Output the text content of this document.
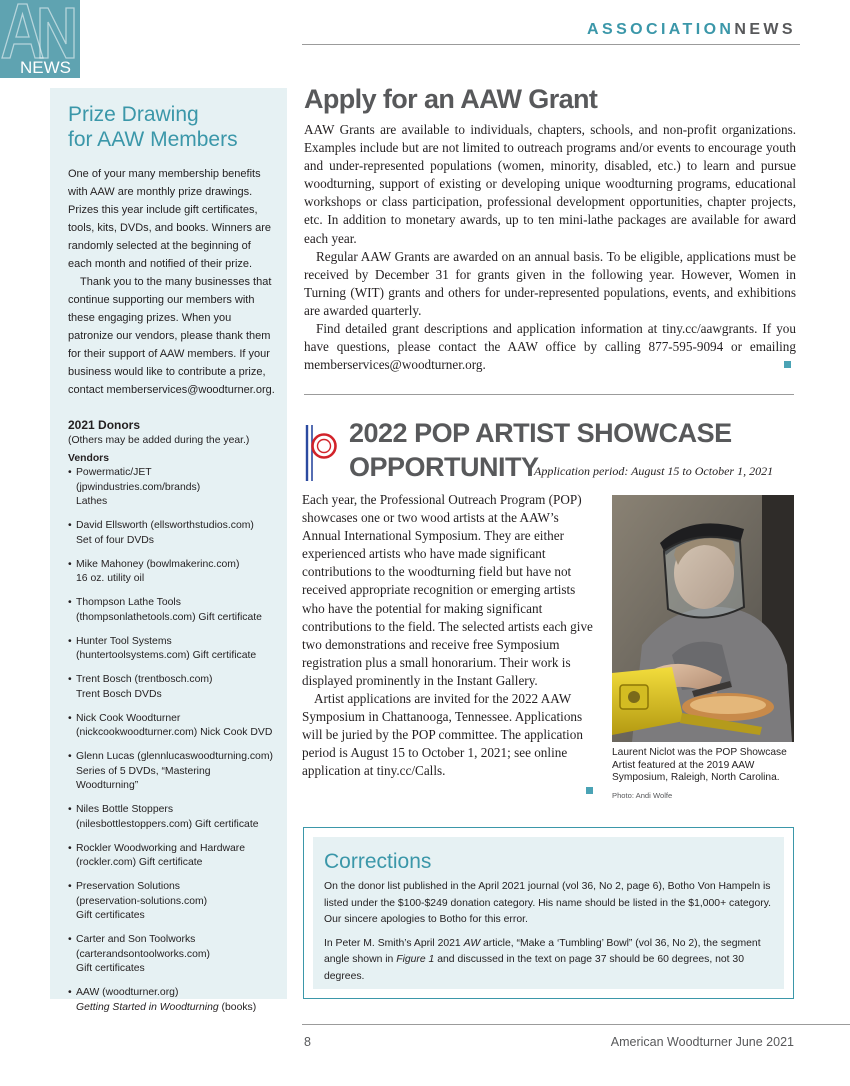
NEWS
ASSOCIATIONNEWS
Prize Drawing
for AAW Members

One of your many membership benefits with AAW are monthly prize drawings. Prizes this year include gift certificates, tools, kits, DVDs, and books. Winners are randomly selected at the beginning of each month and notified of their prize.

Thank you to the many businesses that continue supporting our members with these engaging prizes. When you patronize our vendors, please thank them for their support of AAW members. If your business would like to contribute a prize, contact memberservices@woodturner.org.

2021 Donors
(Others may be added during the year.)
Vendors
• Powermatic/JET (jpwindustries.com/brands)
Lathes
• David Ellsworth (ellsworthstudios.com)
Set of four DVDs
• Mike Mahoney (bowlmakerinc.com)
16 oz. utility oil
• Thompson Lathe Tools
(thompsonlathetools.com) Gift certificate
• Hunter Tool Systems
(huntertoolsystems.com) Gift certificate
• Trent Bosch (trentbosch.com)
Trent Bosch DVDs
• Nick Cook Woodturner
(nickcookwoodturner.com) Nick Cook DVD
• Glenn Lucas (glennlucaswoodturning.com)
Series of 5 DVDs, “Mastering Woodturning”
• Niles Bottle Stoppers
(nilesbottlestoppers.com) Gift certificate
• Rockler Woodworking and Hardware
(rockler.com) Gift certificate
• Preservation Solutions
(preservation-solutions.com)
Gift certificates
• Carter and Son Toolworks
(carterandsontoolworks.com)
Gift certificates
• AAW (woodturner.org)
Getting Started in Woodturning (books)
Apply for an AAW Grant

AAW Grants are available to individuals, chapters, schools, and non-profit organizations. Examples include but are not limited to outreach programs and/or events to encourage youth and under-represented populations (women, minority, disabled, etc.) to learn and pursue woodturning, support of existing or developing unique woodturning programs, educational workshops or class participation, professional development opportunities, chapter projects, etc. In addition to monetary awards, up to ten mini-lathe packages are available for award each year.

Regular AAW Grants are awarded on an annual basis. To be eligible, applications must be received by December 31 for grants given in the following year. However, Women in Turning (WIT) grants and others for under-represented populations, events, and exhibitions are awarded quarterly.

Find detailed grant descriptions and application information at tiny.cc/aawgrants. If you have questions, please contact the AAW office by calling 877-595-9094 or emailing memberservices@woodturner.org.

2022 POP ARTIST SHOWCASE
OPPORTUNITY
Application period: August 15 to October 1, 2021

Each year, the Professional Outreach Program (POP) showcases one or two wood artists at the AAW’s Annual International Symposium. They are either experienced artists who have made significant contributions to the woodturning field but have not received appropriate recognition or emerging artists who have the potential for making significant contributions to the field. The selected artists each give two demonstrations and receive free Symposium registration plus a small honorarium. Their work is displayed prominently in the Instant Gallery.

Artist applications are invited for the 2022 AAW Symposium in Chattanooga, Tennessee. Applications will be juried by the POP committee. The application period is August 15 to October 1, 2021; see online application at tiny.cc/Calls.

Laurent Niclot was the POP Showcase Artist featured at the 2019 AAW Symposium, Raleigh, North Carolina.
Photo: Andi Wolfe
Corrections

On the donor list published in the April 2021 journal (vol 36, No 2, page 6), Botho Von Hampeln is listed under the $100-$249 donation category. His name should be listed in the $1,000+ category. Our sincere apologies to Botho for this error.

In Peter M. Smith’s April 2021 AW article, “Make a ‘Tumbling’ Bowl” (vol 36, No 2), the segment angle shown in Figure 1 and discussed in the text on page 37 should be 60 degrees, not 30 degrees.

8	American Woodturner June 2021
